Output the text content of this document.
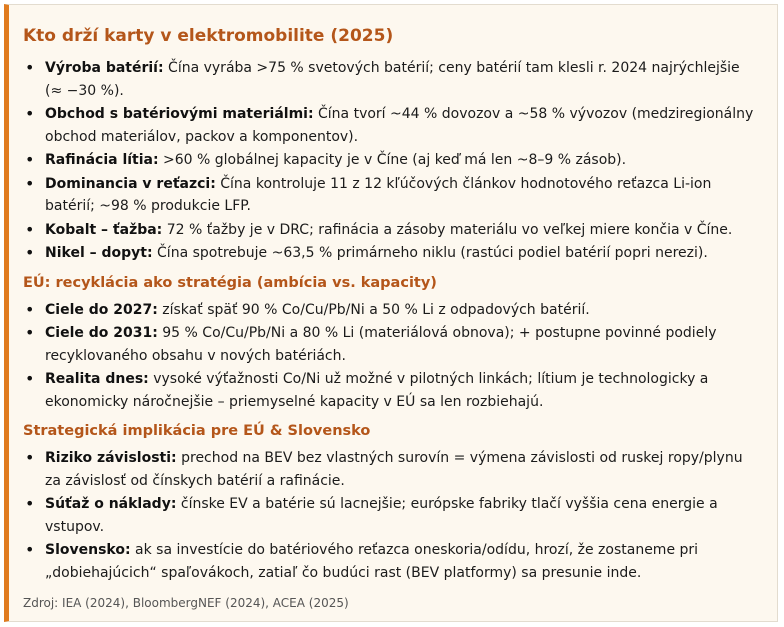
Kto drží karty v elektromobilite (2025)
• Výroba batérií: Čína vyrába >75 % svetových batérií; ceny batérií tam klesli r. 2024 najrýchlejšie (≈ −30 %).
• Obchod s batériovými materiálmi: Čína tvorí ~44 % dovozov a ~58 % vývozov (medziregionálny obchod materiálov, packov a komponentov).
• Rafinácia lítia: >60 % globálnej kapacity je v Číne (aj keď má len ~8–9 % zásob).
• Dominancia v reťazci: Čína kontroluje 11 z 12 kľúčových článkov hodnotového reťazca Li-ion batérií; ~98 % produkcie LFP.
• Kobalt – ťažba: 72 % ťažby je v DRC; rafinácia a zásoby materiálu vo veľkej miere končia v Číne.
• Nikel – dopyt: Čína spotrebuje ~63,5 % primárneho niklu (rastúci podiel batérií popri nerezi).
EÚ: recyklácia ako stratégia (ambícia vs. kapacity)
• Ciele do 2027: získať späť 90 % Co/Cu/Pb/Ni a 50 % Li z odpadových batérií.
• Ciele do 2031: 95 % Co/Cu/Pb/Ni a 80 % Li (materiálová obnova); + postupne povinné podiely recyklovaného obsahu v nových batériách.
• Realita dnes: vysoké výťažnosti Co/Ni už možné v pilotných linkách; lítium je technologicky a ekonomicky náročnejšie – priemyselné kapacity v EÚ sa len rozbiehajú.
Strategická implikácia pre EÚ & Slovensko
• Riziko závislosti: prechod na BEV bez vlastných surovín = výmena závislosti od ruskej ropy/plynu za závislosť od čínskych batérií a rafinácie.
• Súťaž o náklady: čínske EV a batérie sú lacnejšie; európske fabriky tlačí vyššia cena energie a vstupov.
• Slovensko: ak sa investície do batériového reťazca oneskoria/odídu, hrozí, že zostaneme pri „dobiehajúcich“ spaľovákoch, zatiaľ čo budúci rast (BEV platformy) sa presunie inde.
Zdroj: IEA (2024), BloombergNEF (2024), ACEA (2025)
